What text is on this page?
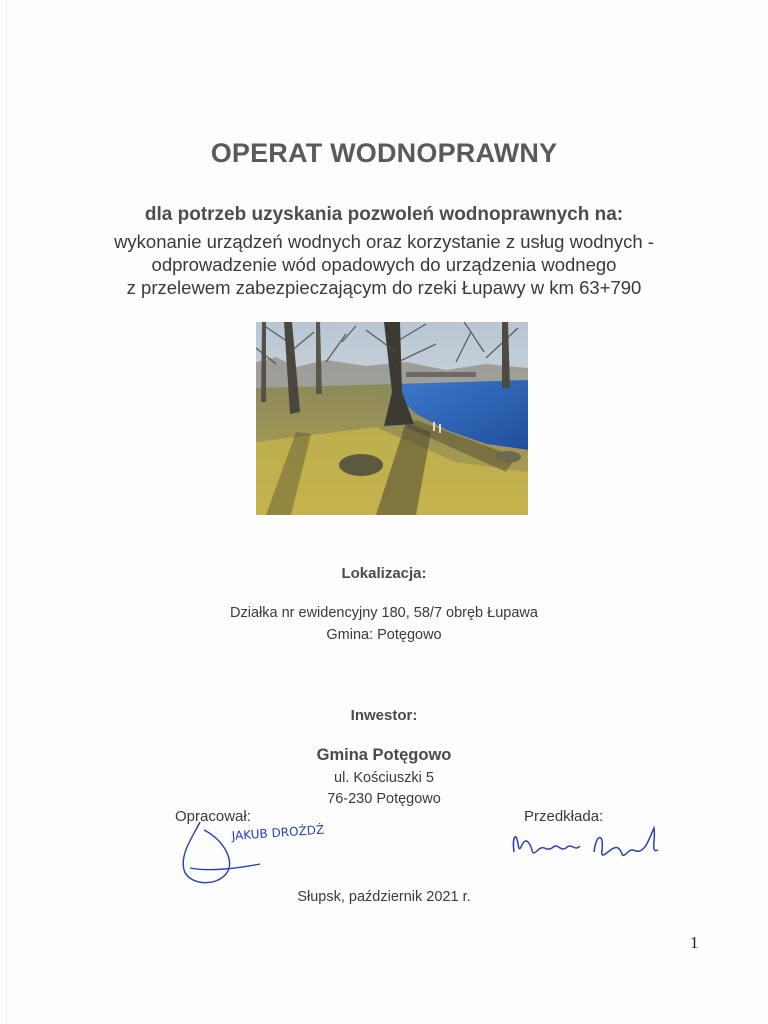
OPERAT WODNOPRAWNY
dla potrzeb uzyskania pozwoleń wodnoprawnych na:
wykonanie urządzeń wodnych oraz korzystanie z usług wodnych -
odprowadzenie wód opadowych do urządzenia wodnego
z przelewem zabezpieczającym do rzeki Łupawy w km 63+790
Lokalizacja:
Działka nr ewidencyjny 180, 58/7 obręb Łupawa
Gmina: Potęgowo
Inwestor:
Gmina Potęgowo
ul. Kościuszki 5
76-230 Potęgowo
Opracował:
JAKUB DROŻDŻ
Przedkłada:
Słupsk, październik 2021 r.
1
